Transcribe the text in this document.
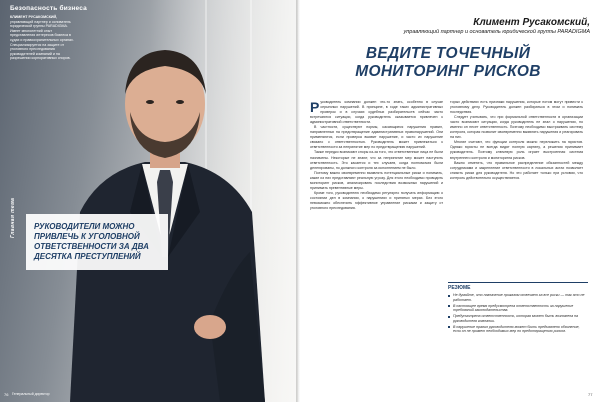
Безопасность бизнеса
КЛИМЕНТ РУСАКОМСКИЙ, управляющий партнер и основатель юридической группы PARADIGMA. Имеет многолетний опыт представления интересов бизнеса в судах и правоохранительных органах. Специализируется на защите от уголовного преследования руководителей компаний и на разрешении корпоративных споров.
Главная тема РУКОВОДИТЕЛИ МОЖНО ПРИВЛЕЧЬ К УГОЛОВНОЙ ОТВЕТСТВЕННОСТИ ЗА ДВА ДЕСЯТКА ПРЕСТУПЛЕНИЙ
76 Генеральный директор
Климент Русакомский,
управляющий партнер и основатель юридической группы PARADIGMA
ВЕДИТЕ ТОЧЕЧНЫЙ
МОНИТОРИНГ РИСКОВ

Руководитель компании должен что-то знать, особенно в случае серьезных нарушений. В принципе, в ходе таких административных проверок и в случаях судебных разбирательств сейчас часто встречаются ситуации, когда руководитель оказывается привлечен к административной ответственности.

В частности, существуют нормы, касающиеся нарушения правил, направленных на предотвращение административных правонарушений. Они применяются, если проверка выявит нарушение, и часто их нарушение связано с ответственностью. Руководитель может привлекаться к ответственности за непринятие мер по предотвращению нарушений.

Также нередко возникают споры из-за того, что ответственные лица не были назначены. Некоторые не знают, что за непринятие мер может наступить ответственность. Это касается и тех случаев, когда полномочия были делегированы, но должного контроля за исполнением не было.

Поэтому важно своевременно выявлять потенциальные риски и понимать, какие из них представляют реальную угрозу. Для этого необходимо проводить мониторинг рисков, анализировать последствия возможных нарушений и принимать превентивные меры.

Кроме того, руководителю необходимо регулярно получать информацию о состоянии дел в компании, о нарушениях и принятых мерах. Без этого невозможно обеспечить эффективное управление рисками и защиту от уголовного преследования.

торых действиях есть признаки нарушения, которые потом могут привести к уголовному делу. Руководитель должен разбираться в этом и понимать последствия.

Следует учитывать, что при формальной ответственности в организации часто возникают ситуации, когда руководитель не знал о нарушении, но именно он несет ответственность. Поэтому необходимо выстраивать систему контроля, которая позволит своевременно выявлять нарушения и реагировать на них.

Многие считают, что функции контроля можно переложить на юристов. Однако юристы не всегда видят полную картину, а решения принимает руководитель. Поэтому ключевую роль играет выстроенная система внутреннего контроля и мониторинга рисков.

Важно отметить, что правильное распределение обязанностей между сотрудниками и закрепление ответственности в локальных актах позволяет снизить риски для руководителя. Но это работает только при условии, что контроль действительно осуществляется.

РЕЗЮМЕ
Не думайте, что назначение приказом отвечает за все риски — так это не работает.
В настоящее время предусмотрена ответственность за нарушение требований законодательства.
Предусмотрена ответственность, которая может быть возложена на руководителя компании.
В нарушение правил руководителю может быть предъявлено обвинение, если он не примет необходимых мер по предотвращению рисков.
77
